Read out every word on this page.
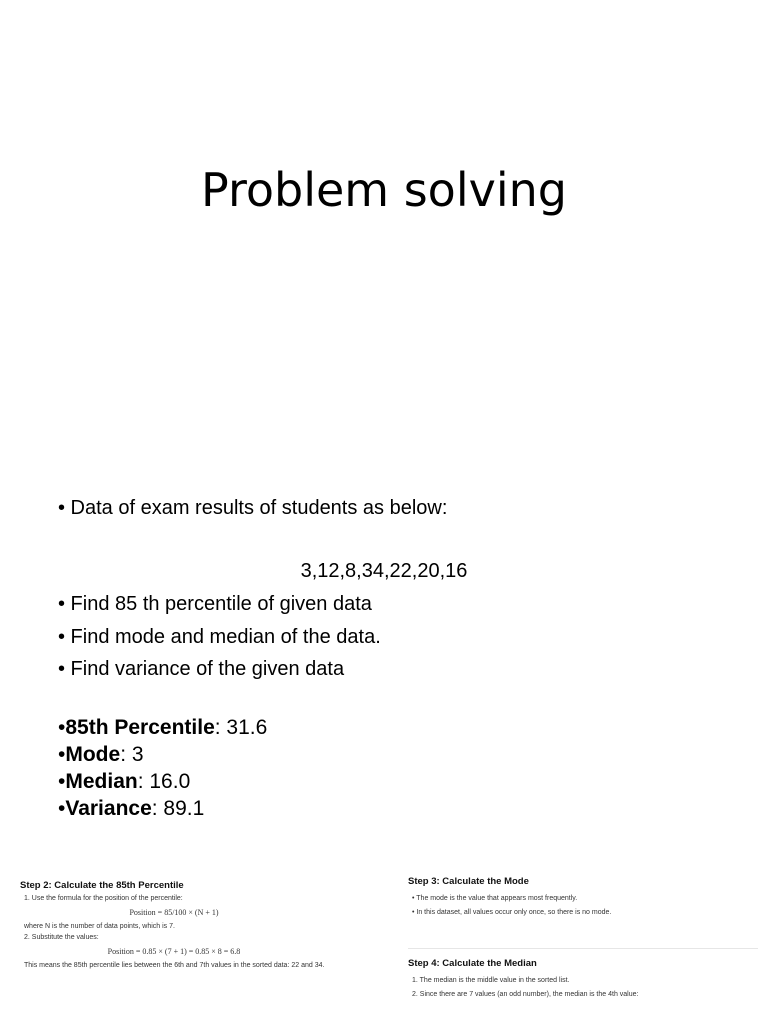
Problem solving
• Data of exam results of students as below:
3,12,8,34,22,20,16
• Find 85 th percentile of given data
• Find mode and median of the data.
• Find variance of the given data
•85th Percentile: 31.6
•Mode: 3
•Median: 16.0
•Variance: 89.1
Step 2: Calculate the 85th Percentile
1. Use the formula for the position of the percentile:
Position = 85/100 × (N + 1)
where N is the number of data points, which is 7.
2. Substitute the values:
Position = 0.85 × (7 + 1) = 0.85 × 8 = 6.8
This means the 85th percentile lies between the 6th and 7th values in the sorted data: 22 and 34.
Step 3: Calculate the Mode
• The mode is the value that appears most frequently.
• In this dataset, all values occur only once, so there is no mode.
Step 4: Calculate the Median
1. The median is the middle value in the sorted list.
2. Since there are 7 values (an odd number), the median is the 4th value:
